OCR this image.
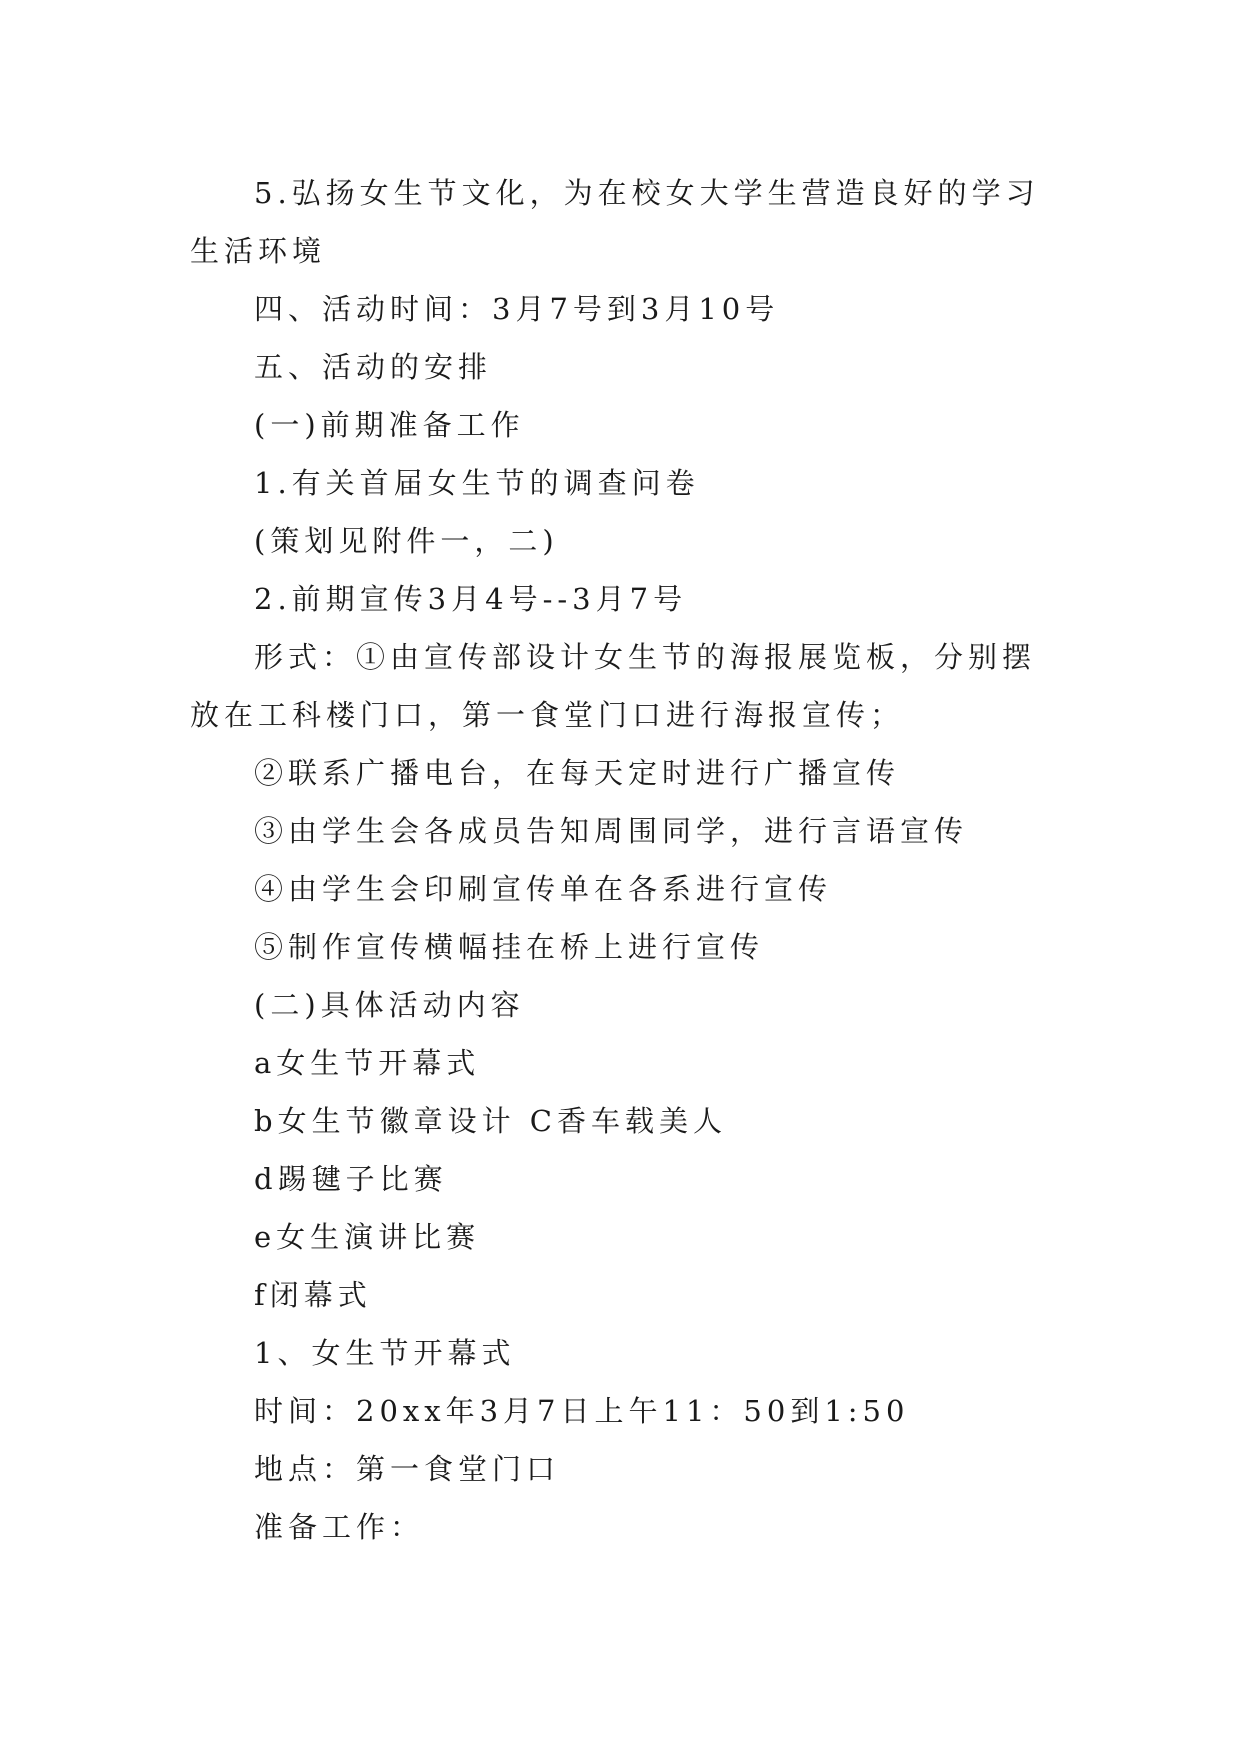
5.弘扬女生节文化，为在校女大学生营造良好的学习生活环境

四、活动时间：3月7号到3月10号

五、活动的安排

(一)前期准备工作

1.有关首届女生节的调查问卷

(策划见附件一，二)

2.前期宣传3月4号--3月7号

形式：①由宣传部设计女生节的海报展览板，分别摆放在工科楼门口，第一食堂门口进行海报宣传；

②联系广播电台，在每天定时进行广播宣传

③由学生会各成员告知周围同学，进行言语宣传

④由学生会印刷宣传单在各系进行宣传

⑤制作宣传横幅挂在桥上进行宣传

(二)具体活动内容

a女生节开幕式

b女生节徽章设计 C香车载美人

d踢毽子比赛

e女生演讲比赛

f闭幕式

1、女生节开幕式

时间：20xx年3月7日上午11：50到1:50

地点：第一食堂门口

准备工作：
